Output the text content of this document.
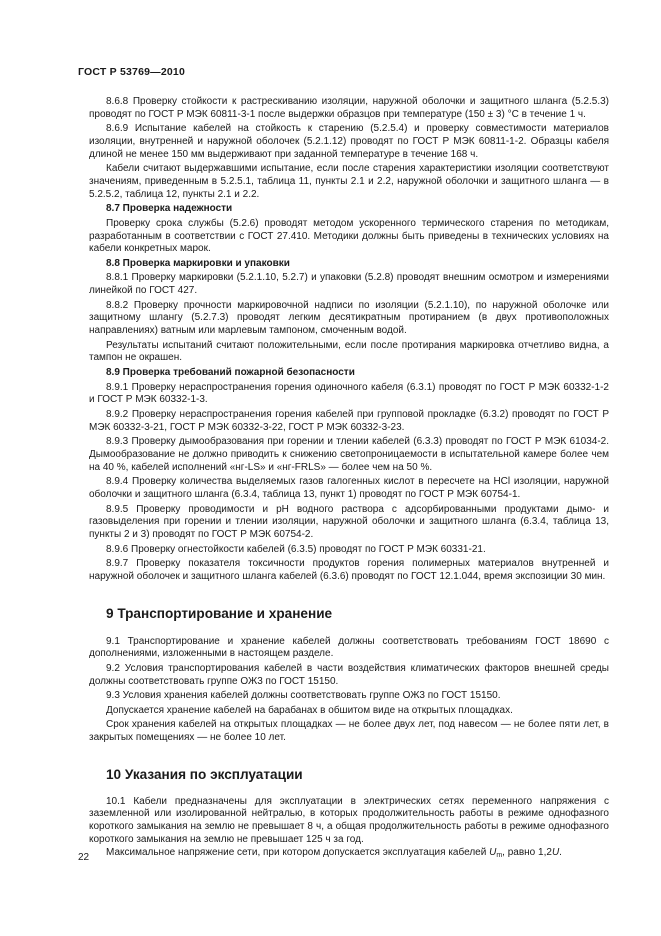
ГОСТ Р 53769—2010

8.6.8 Проверку стойкости к растрескиванию изоляции, наружной оболочки и защитного шланга (5.2.5.3) проводят по ГОСТ Р МЭК 60811-3-1 после выдержки образцов при температуре (150 ± 3) °С в течение 1 ч.

8.6.9 Испытание кабелей на стойкость к старению (5.2.5.4) и проверку совместимости материалов изоляции, внутренней и наружной оболочек (5.2.1.12) проводят по ГОСТ Р МЭК 60811-1-2. Образцы кабеля длиной не менее 150 мм выдерживают при заданной температуре в течение 168 ч.

Кабели считают выдержавшими испытание, если после старения характеристики изоляции соответствуют значениям, приведенным в 5.2.5.1, таблица 11, пункты 2.1 и 2.2, наружной оболочки и защитного шланга — в 5.2.5.2, таблица 12, пункты 2.1 и 2.2.

8.7 Проверка надежности

Проверку срока службы (5.2.6) проводят методом ускоренного термического старения по методикам, разработанным в соответствии с ГОСТ 27.410. Методики должны быть приведены в технических условиях на кабели конкретных марок.

8.8 Проверка маркировки и упаковки

8.8.1 Проверку маркировки (5.2.1.10, 5.2.7) и упаковки (5.2.8) проводят внешним осмотром и измерениями линейкой по ГОСТ 427.

8.8.2 Проверку прочности маркировочной надписи по изоляции (5.2.1.10), по наружной оболочке или защитному шлангу (5.2.7.3) проводят легким десятикратным протиранием (в двух противоположных направлениях) ватным или марлевым тампоном, смоченным водой.

Результаты испытаний считают положительными, если после протирания маркировка отчетливо видна, а тампон не окрашен.

8.9 Проверка требований пожарной безопасности

8.9.1 Проверку нераспространения горения одиночного кабеля (6.3.1) проводят по ГОСТ Р МЭК 60332-1-2 и ГОСТ Р МЭК 60332-1-3.

8.9.2 Проверку нераспространения горения кабелей при групповой прокладке (6.3.2) проводят по ГОСТ Р МЭК 60332-3-21, ГОСТ Р МЭК 60332-3-22, ГОСТ Р МЭК 60332-3-23.

8.9.3 Проверку дымообразования при горении и тлении кабелей (6.3.3) проводят по ГОСТ Р МЭК 61034-2. Дымообразование не должно приводить к снижению светопроницаемости в испытательной камере более чем на 40 %, кабелей исполнений «нг-LS» и «нг-FRLS» — более чем на 50 %.

8.9.4 Проверку количества выделяемых газов галогенных кислот в пересчете на HCl изоляции, наружной оболочки и защитного шланга (6.3.4, таблица 13, пункт 1) проводят по ГОСТ Р МЭК 60754-1.

8.9.5 Проверку проводимости и pH водного раствора с адсорбированными продуктами дымо- и газовыделения при горении и тлении изоляции, наружной оболочки и защитного шланга (6.3.4, таблица 13, пункты 2 и 3) проводят по ГОСТ Р МЭК 60754-2.

8.9.6 Проверку огнестойкости кабелей (6.3.5) проводят по ГОСТ Р МЭК 60331-21.

8.9.7 Проверку показателя токсичности продуктов горения полимерных материалов внутренней и наружной оболочек и защитного шланга кабелей (6.3.6) проводят по ГОСТ 12.1.044, время экспозиции 30 мин.

9 Транспортирование и хранение

9.1 Транспортирование и хранение кабелей должны соответствовать требованиям ГОСТ 18690 с дополнениями, изложенными в настоящем разделе.

9.2 Условия транспортирования кабелей в части воздействия климатических факторов внешней среды должны соответствовать группе ОЖ3 по ГОСТ 15150.

9.3 Условия хранения кабелей должны соответствовать группе ОЖ3 по ГОСТ 15150.

Допускается хранение кабелей на барабанах в обшитом виде на открытых площадках.

Срок хранения кабелей на открытых площадках — не более двух лет, под навесом — не более пяти лет, в закрытых помещениях — не более 10 лет.

10 Указания по эксплуатации

10.1 Кабели предназначены для эксплуатации в электрических сетях переменного напряжения с заземленной или изолированной нейтралью, в которых продолжительность работы в режиме однофазного короткого замыкания на землю не превышает 8 ч, а общая продолжительность работы в режиме однофазного короткого замыкания на землю не превышает 125 ч за год.

Максимальное напряжение сети, при котором допускается эксплуатация кабелей $U_m$, равно 1,2U.

22
